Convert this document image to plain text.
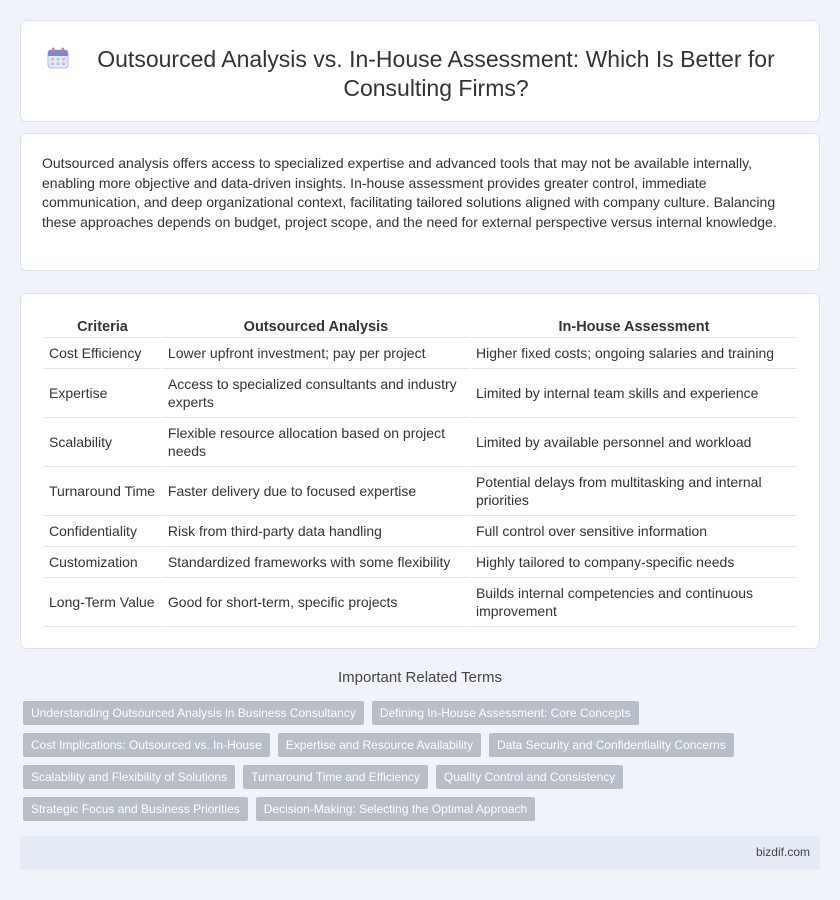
Outsourced Analysis vs. In-House Assessment: Which Is Better for Consulting Firms?

Outsourced analysis offers access to specialized expertise and advanced tools that may not be available internally, enabling more objective and data-driven insights. In-house assessment provides greater control, immediate communication, and deep organizational context, facilitating tailored solutions aligned with company culture. Balancing these approaches depends on budget, project scope, and the need for external perspective versus internal knowledge.

Criteria	Outsourced Analysis	In-House Assessment
Cost Efficiency	Lower upfront investment; pay per project	Higher fixed costs; ongoing salaries and training
Expertise	Access to specialized consultants and industry experts	Limited by internal team skills and experience
Scalability	Flexible resource allocation based on project needs	Limited by available personnel and workload
Turnaround Time	Faster delivery due to focused expertise	Potential delays from multitasking and internal priorities
Confidentiality	Risk from third-party data handling	Full control over sensitive information
Customization	Standardized frameworks with some flexibility	Highly tailored to company-specific needs
Long-Term Value	Good for short-term, specific projects	Builds internal competencies and continuous improvement
Important Related Terms
Understanding Outsourced Analysis in Business Consultancy	Defining In-House Assessment: Core Concepts
Cost Implications: Outsourced vs. In-House	Expertise and Resource Availability	Data Security and Confidentiality Concerns
Scalability and Flexibility of Solutions	Turnaround Time and Efficiency	Quality Control and Consistency
Strategic Focus and Business Priorities	Decision-Making: Selecting the Optimal Approach
bizdif.com
